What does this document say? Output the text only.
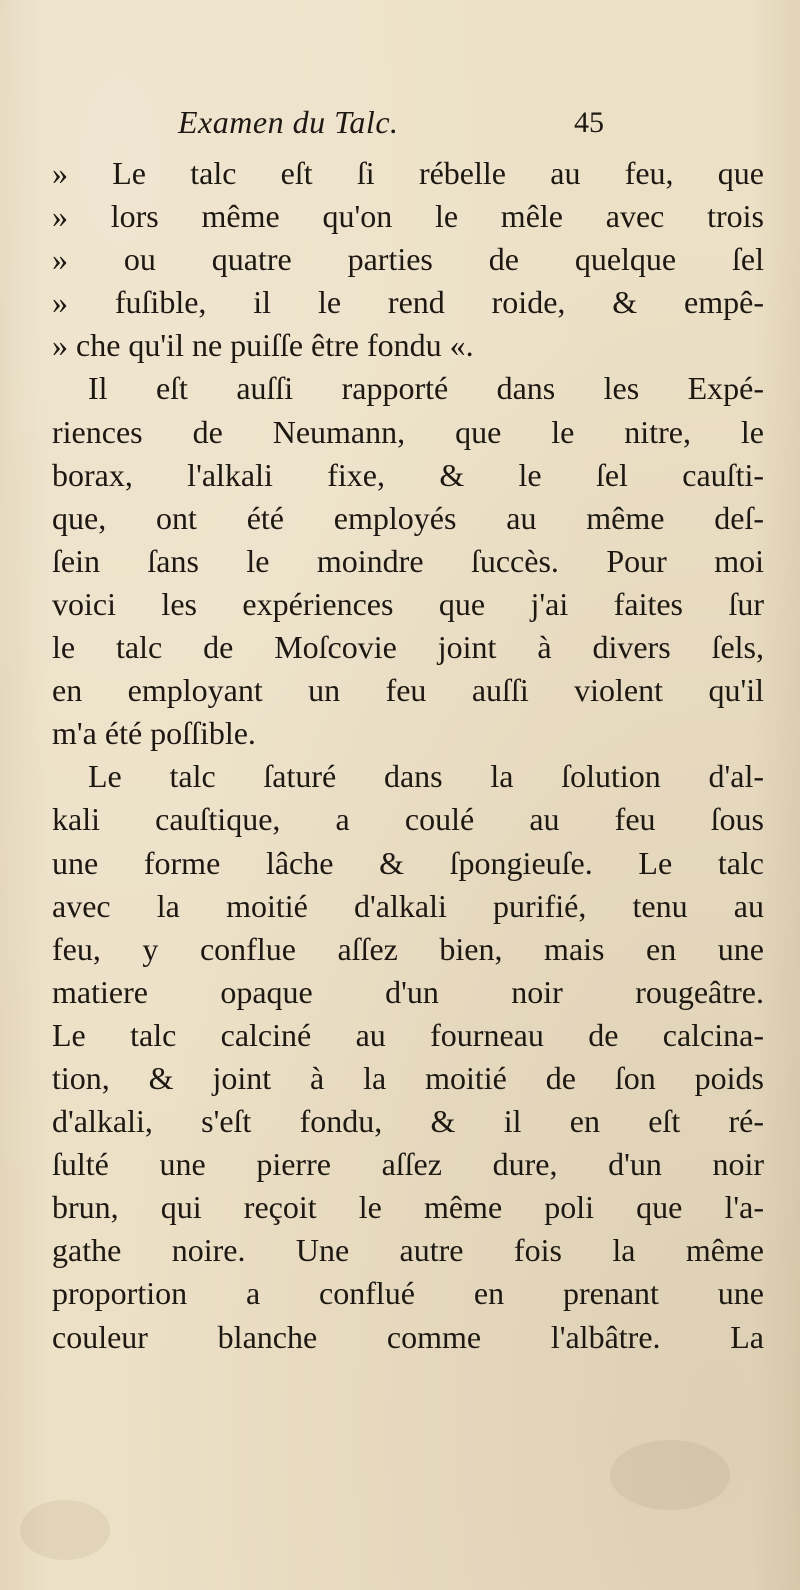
Examen du Talc.	45
» Le talc eſt ſi rébelle au feu, que
» lors même qu'on le mêle avec trois
» ou quatre parties de quelque ſel
» fuſible, il le rend roide, & empê-
» che qu'il ne puiſſe être fondu «.
Il eſt auſſi rapporté dans les Expé-
riences de Neumann, que le nitre, le
borax, l'alkali fixe, & le ſel cauſti-
que, ont été employés au même deſ-
ſein ſans le moindre ſuccès. Pour moi
voici les expériences que j'ai faites ſur
le talc de Moſcovie joint à divers ſels,
en employant un feu auſſi violent qu'il
m'a été poſſible.
Le talc ſaturé dans la ſolution d'al-
kali cauſtique, a coulé au feu ſous
une forme lâche & ſpongieuſe. Le talc
avec la moitié d'alkali purifié, tenu au
feu, y conflue aſſez bien, mais en une
matiere opaque d'un noir rougeâtre.
Le talc calciné au fourneau de calcina-
tion, & joint à la moitié de ſon poids
d'alkali, s'eſt fondu, & il en eſt ré-
ſulté une pierre aſſez dure, d'un noir
brun, qui reçoit le même poli que l'a-
gathe noire. Une autre fois la même
proportion a conflué en prenant une
couleur blanche comme l'albâtre. La
